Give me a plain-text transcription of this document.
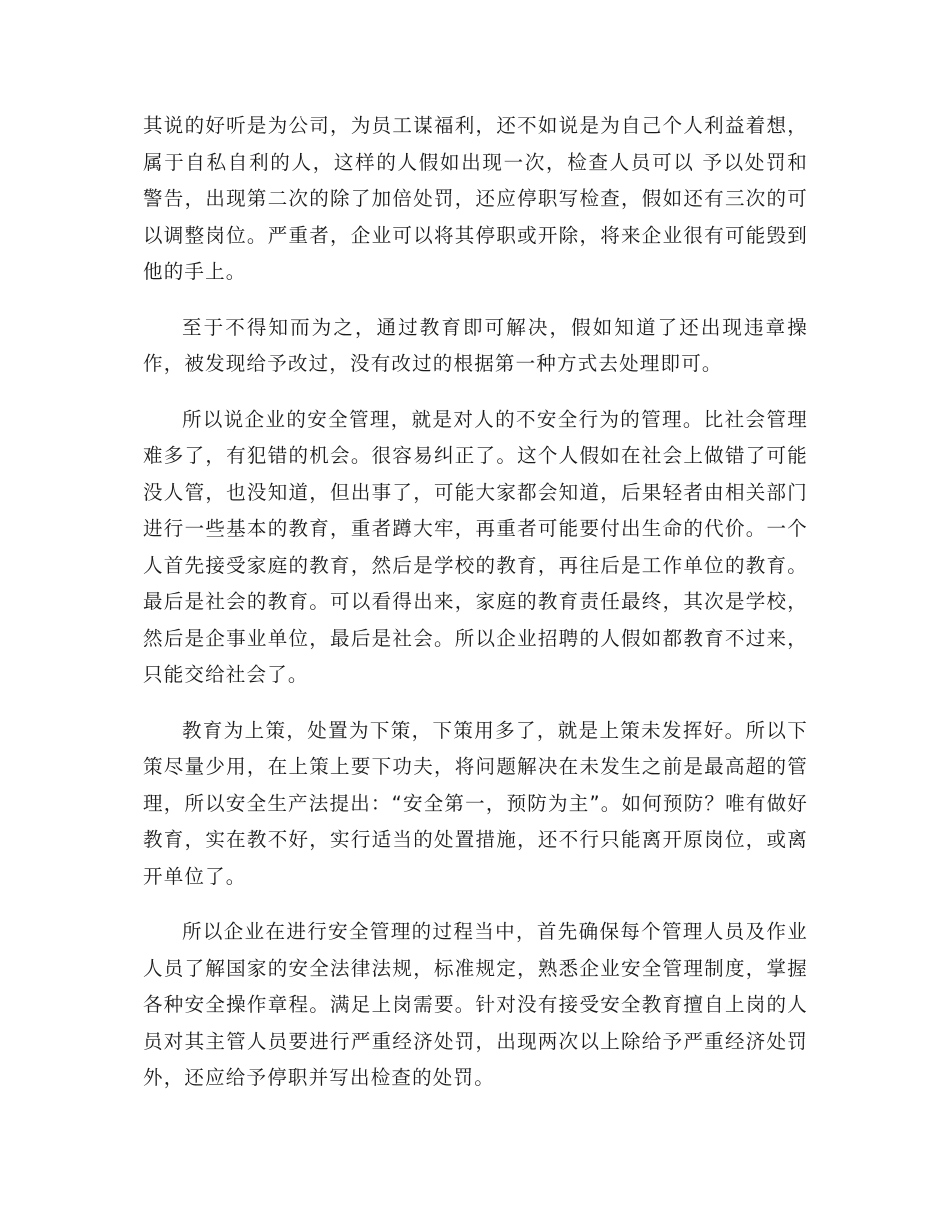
其说的好听是为公司，为员工谋福利，还不如说是为自己个人利益着想，属于自私自利的人，这样的人假如出现一次，检查人员可以 予以处罚和警告，出现第二次的除了加倍处罚，还应停职写检查，假如还有三次的可以调整岗位。严重者，企业可以将其停职或开除，将来企业很有可能毁到他的手上。

至于不得知而为之，通过教育即可解决，假如知道了还出现违章操作，被发现给予改过，没有改过的根据第一种方式去处理即可。

所以说企业的安全管理，就是对人的不安全行为的管理。比社会管理难多了，有犯错的机会。很容易纠正了。这个人假如在社会上做错了可能没人管，也没知道，但出事了，可能大家都会知道，后果轻者由相关部门进行一些基本的教育，重者蹲大牢，再重者可能要付出生命的代价。一个人首先接受家庭的教育，然后是学校的教育，再往后是工作单位的教育。最后是社会的教育。可以看得出来，家庭的教育责任最终，其次是学校，然后是企事业单位，最后是社会。所以企业招聘的人假如都教育不过来，只能交给社会了。

教育为上策，处置为下策，下策用多了，就是上策未发挥好。所以下策尽量少用，在上策上要下功夫，将问题解决在未发生之前是最高超的管理，所以安全生产法提出：“安全第一，预防为主”。如何预防？唯有做好教育，实在教不好，实行适当的处置措施，还不行只能离开原岗位，或离开单位了。

所以企业在进行安全管理的过程当中，首先确保每个管理人员及作业人员了解国家的安全法律法规，标准规定，熟悉企业安全管理制度，掌握各种安全操作章程。满足上岗需要。针对没有接受安全教育擅自上岗的人员对其主管人员要进行严重经济处罚，出现两次以上除给予严重经济处罚外，还应给予停职并写出检查的处罚。
